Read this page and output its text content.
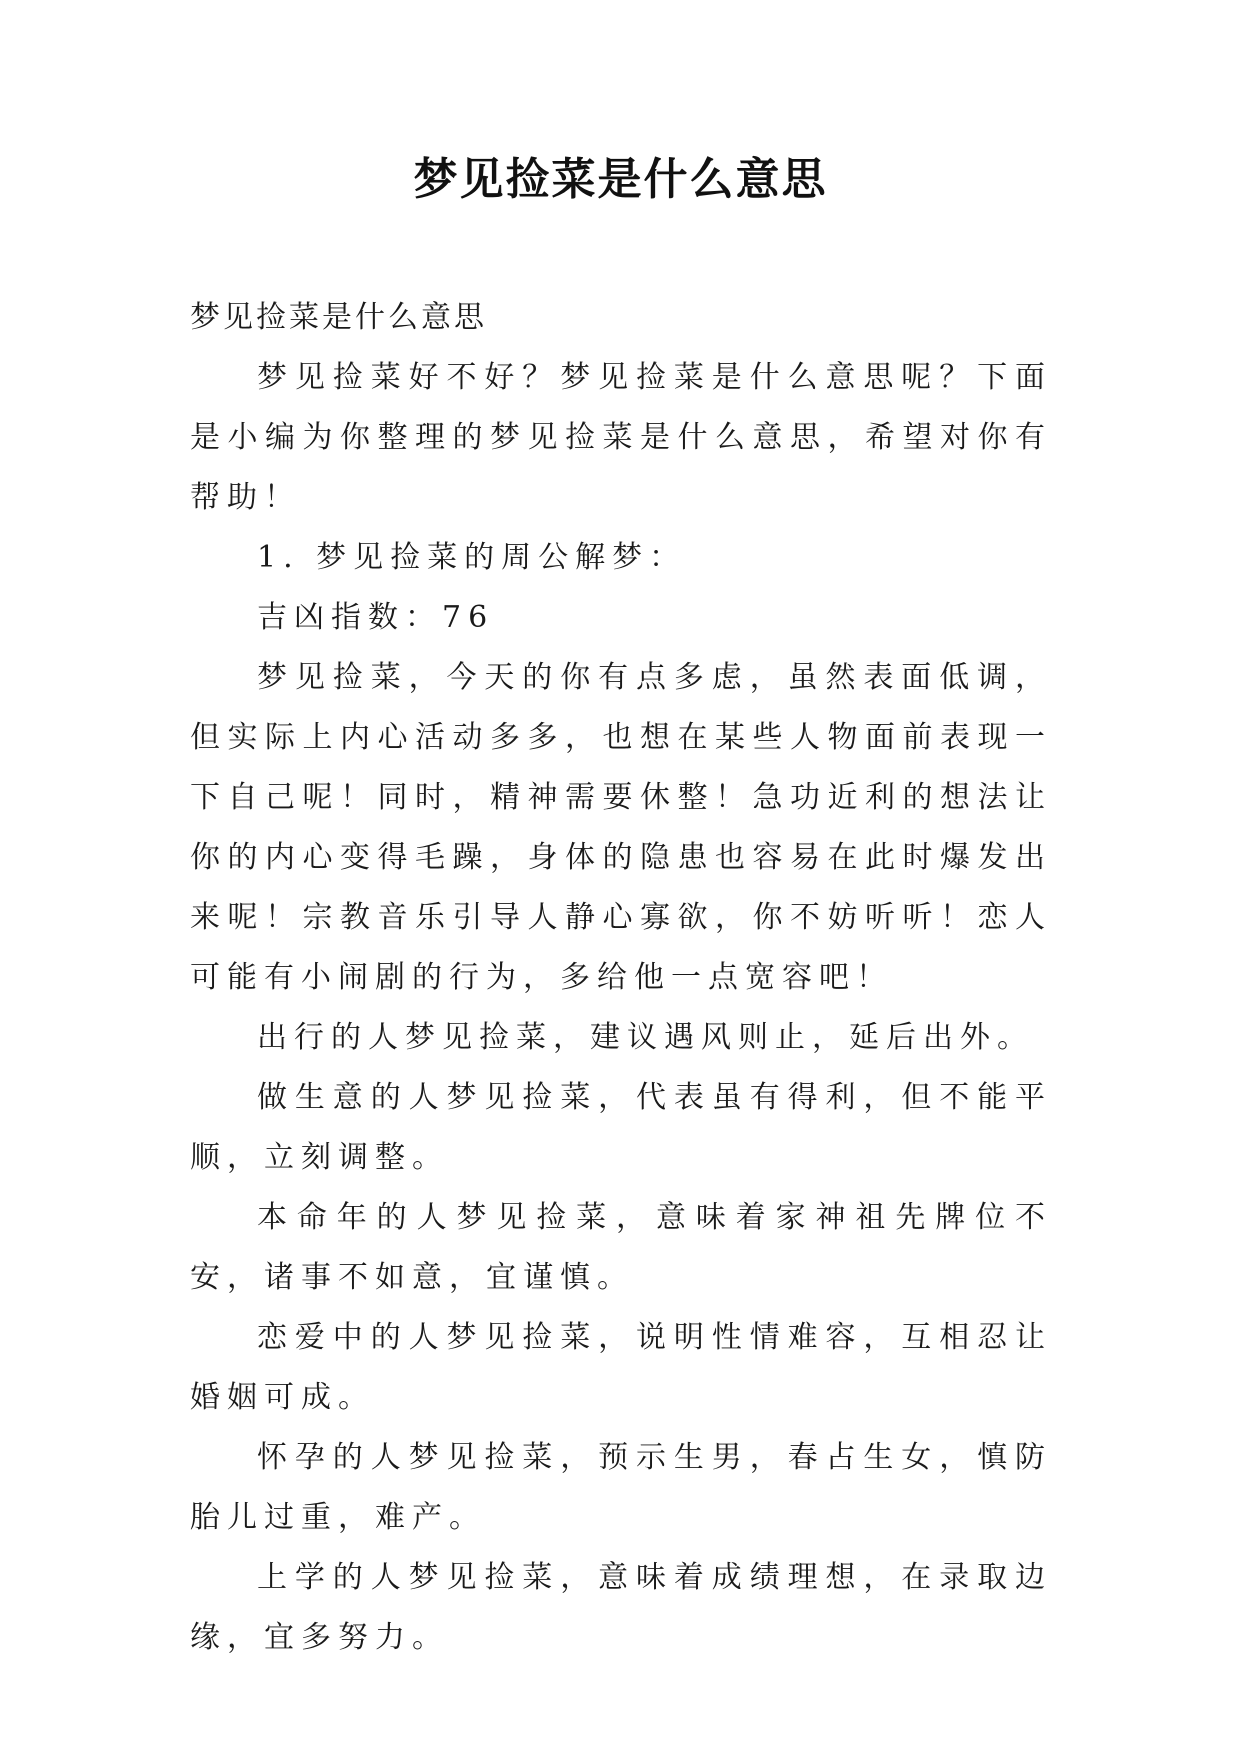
梦见捡菜是什么意思

梦见捡菜是什么意思

梦见捡菜好不好？梦见捡菜是什么意思呢？下面是小编为你整理的梦见捡菜是什么意思，希望对你有帮助！

1. 梦见捡菜的周公解梦：

吉凶指数：76

梦见捡菜，今天的你有点多虑，虽然表面低调，但实际上内心活动多多，也想在某些人物面前表现一下自己呢！同时，精神需要休整！急功近利的想法让你的内心变得毛躁，身体的隐患也容易在此时爆发出来呢！宗教音乐引导人静心寡欲，你不妨听听！恋人可能有小闹剧的行为，多给他一点宽容吧！

出行的人梦见捡菜，建议遇风则止，延后出外。

做生意的人梦见捡菜，代表虽有得利，但不能平顺，立刻调整。

本命年的人梦见捡菜，意味着家神祖先牌位不安，诸事不如意，宜谨慎。

恋爱中的人梦见捡菜，说明性情难容，互相忍让婚姻可成。

怀孕的人梦见捡菜，预示生男，春占生女，慎防胎儿过重，难产。

上学的人梦见捡菜，意味着成绩理想，在录取边缘，宜多努力。
